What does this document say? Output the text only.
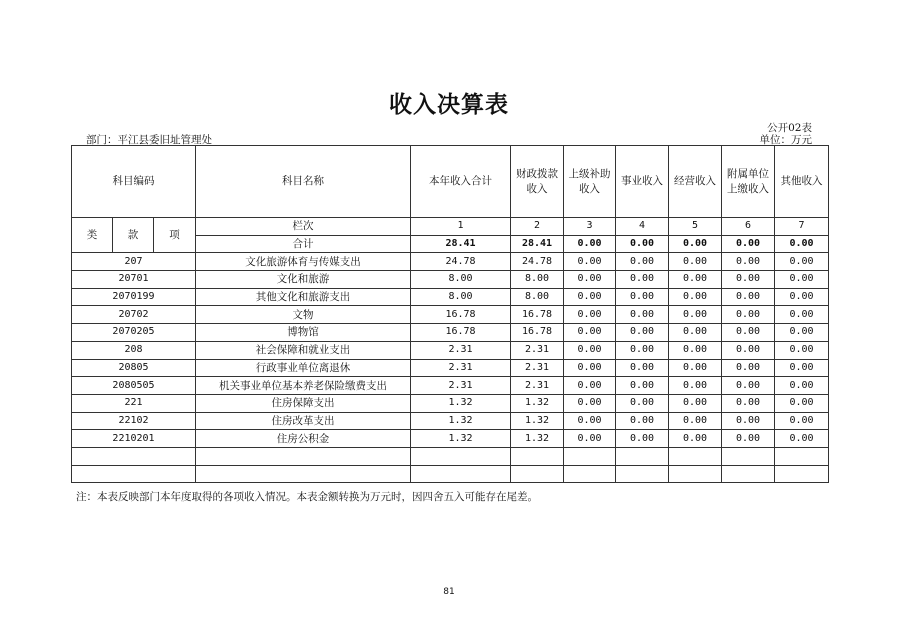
收入决算表
公开02表
部门：平江县委旧址管理处	单位：万元
科目编码			科目名称	本年收入合计	财政拨款收入	上级补助收入	事业收入	经营收入	附属单位上缴收入	其他收入
类	款	项	栏次	1	2	3	4	5	6	7
			合计	28.41	28.41	0.00	0.00	0.00	0.00	0.00
207			文化旅游体育与传媒支出	24.78	24.78	0.00	0.00	0.00	0.00	0.00
20701			文化和旅游	8.00	8.00	0.00	0.00	0.00	0.00	0.00
2070199			其他文化和旅游支出	8.00	8.00	0.00	0.00	0.00	0.00	0.00
20702			文物	16.78	16.78	0.00	0.00	0.00	0.00	0.00
2070205			博物馆	16.78	16.78	0.00	0.00	0.00	0.00	0.00
208			社会保障和就业支出	2.31	2.31	0.00	0.00	0.00	0.00	0.00
20805			行政事业单位离退休	2.31	2.31	0.00	0.00	0.00	0.00	0.00
2080505			机关事业单位基本养老保险缴费支出	2.31	2.31	0.00	0.00	0.00	0.00	0.00
221			住房保障支出	1.32	1.32	0.00	0.00	0.00	0.00	0.00
22102			住房改革支出	1.32	1.32	0.00	0.00	0.00	0.00	0.00
2210201			住房公积金	1.32	1.32	0.00	0.00	0.00	0.00	0.00

注：本表反映部门本年度取得的各项收入情况。本表金额转换为万元时，因四舍五入可能存在尾差。
81
